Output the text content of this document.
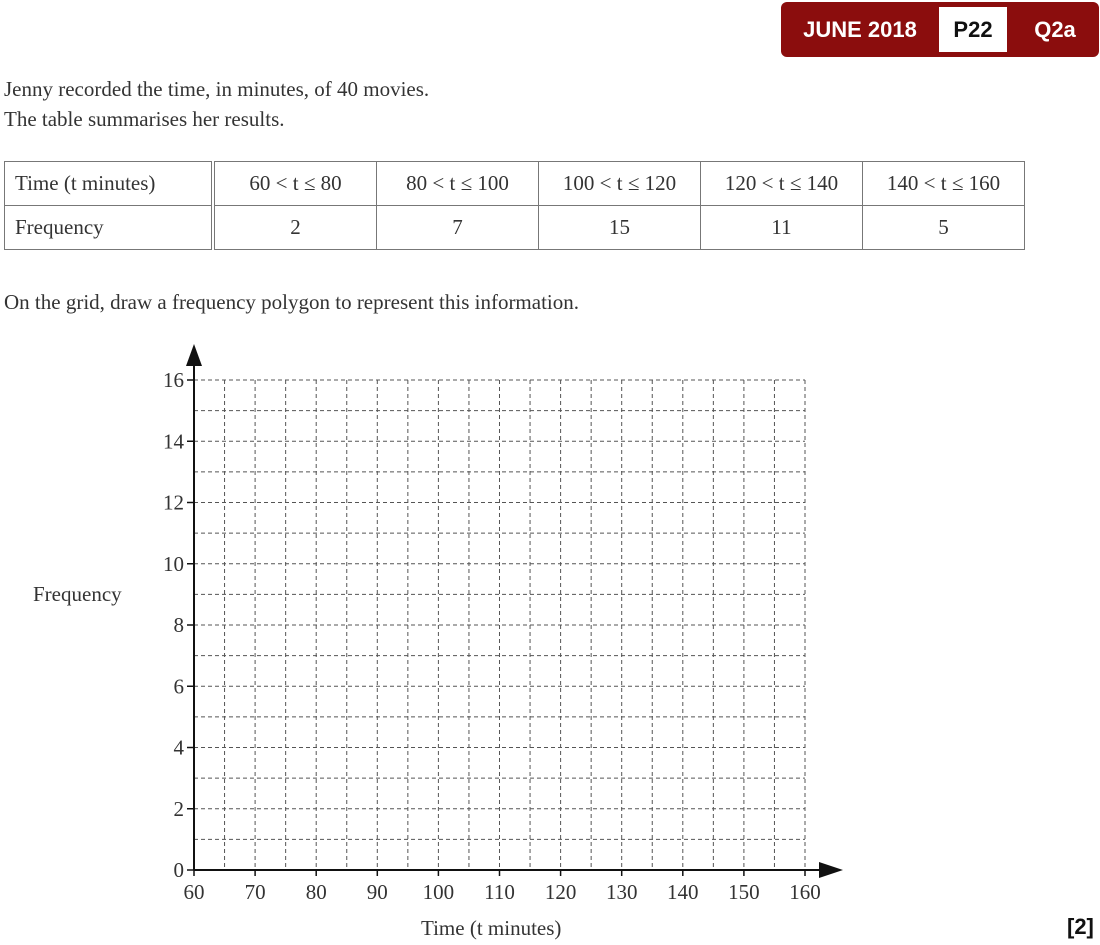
JUNE 2018	P22	Q2a
Jenny recorded the time, in minutes, of 40 movies.
The table summarises her results.
Time (t minutes)	60 < t ≤ 80	80 < t ≤ 100	100 < t ≤ 120	120 < t ≤ 140	140 < t ≤ 160
Frequency	2	7	15	11	5
On the grid, draw a frequency polygon to represent this information.
0
2
4
6
8
10
12
14
16
60 70 80 90 100 110 120 130 140 150 160
Frequency
Time (t minutes)	[2]
